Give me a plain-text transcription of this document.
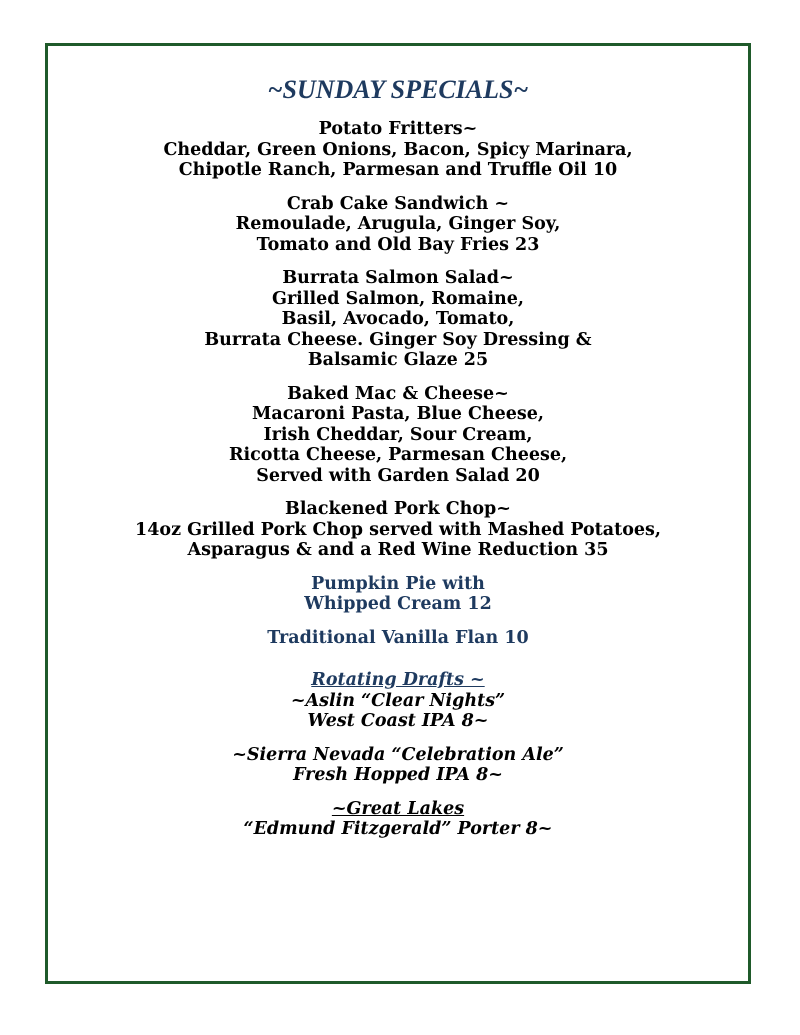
~SUNDAY SPECIALS~
Potato Fritters~
Cheddar, Green Onions, Bacon, Spicy Marinara,
Chipotle Ranch, Parmesan and Truffle Oil 10
Crab Cake Sandwich ~
Remoulade, Arugula, Ginger Soy,
Tomato and Old Bay Fries 23
Burrata Salmon Salad~
Grilled Salmon, Romaine,
Basil, Avocado, Tomato,
Burrata Cheese. Ginger Soy Dressing &
Balsamic Glaze 25
Baked Mac & Cheese~
Macaroni Pasta, Blue Cheese,
Irish Cheddar, Sour Cream,
Ricotta Cheese, Parmesan Cheese,
Served with Garden Salad 20
Blackened Pork Chop~
14oz Grilled Pork Chop served with Mashed Potatoes,
Asparagus & and a Red Wine Reduction 35
Pumpkin Pie with
Whipped Cream 12
Traditional Vanilla Flan 10
Rotating Drafts ~
~Aslin “Clear Nights”
West Coast IPA 8~
~Sierra Nevada “Celebration Ale”
Fresh Hopped IPA 8~
~Great Lakes
“Edmund Fitzgerald” Porter 8~
